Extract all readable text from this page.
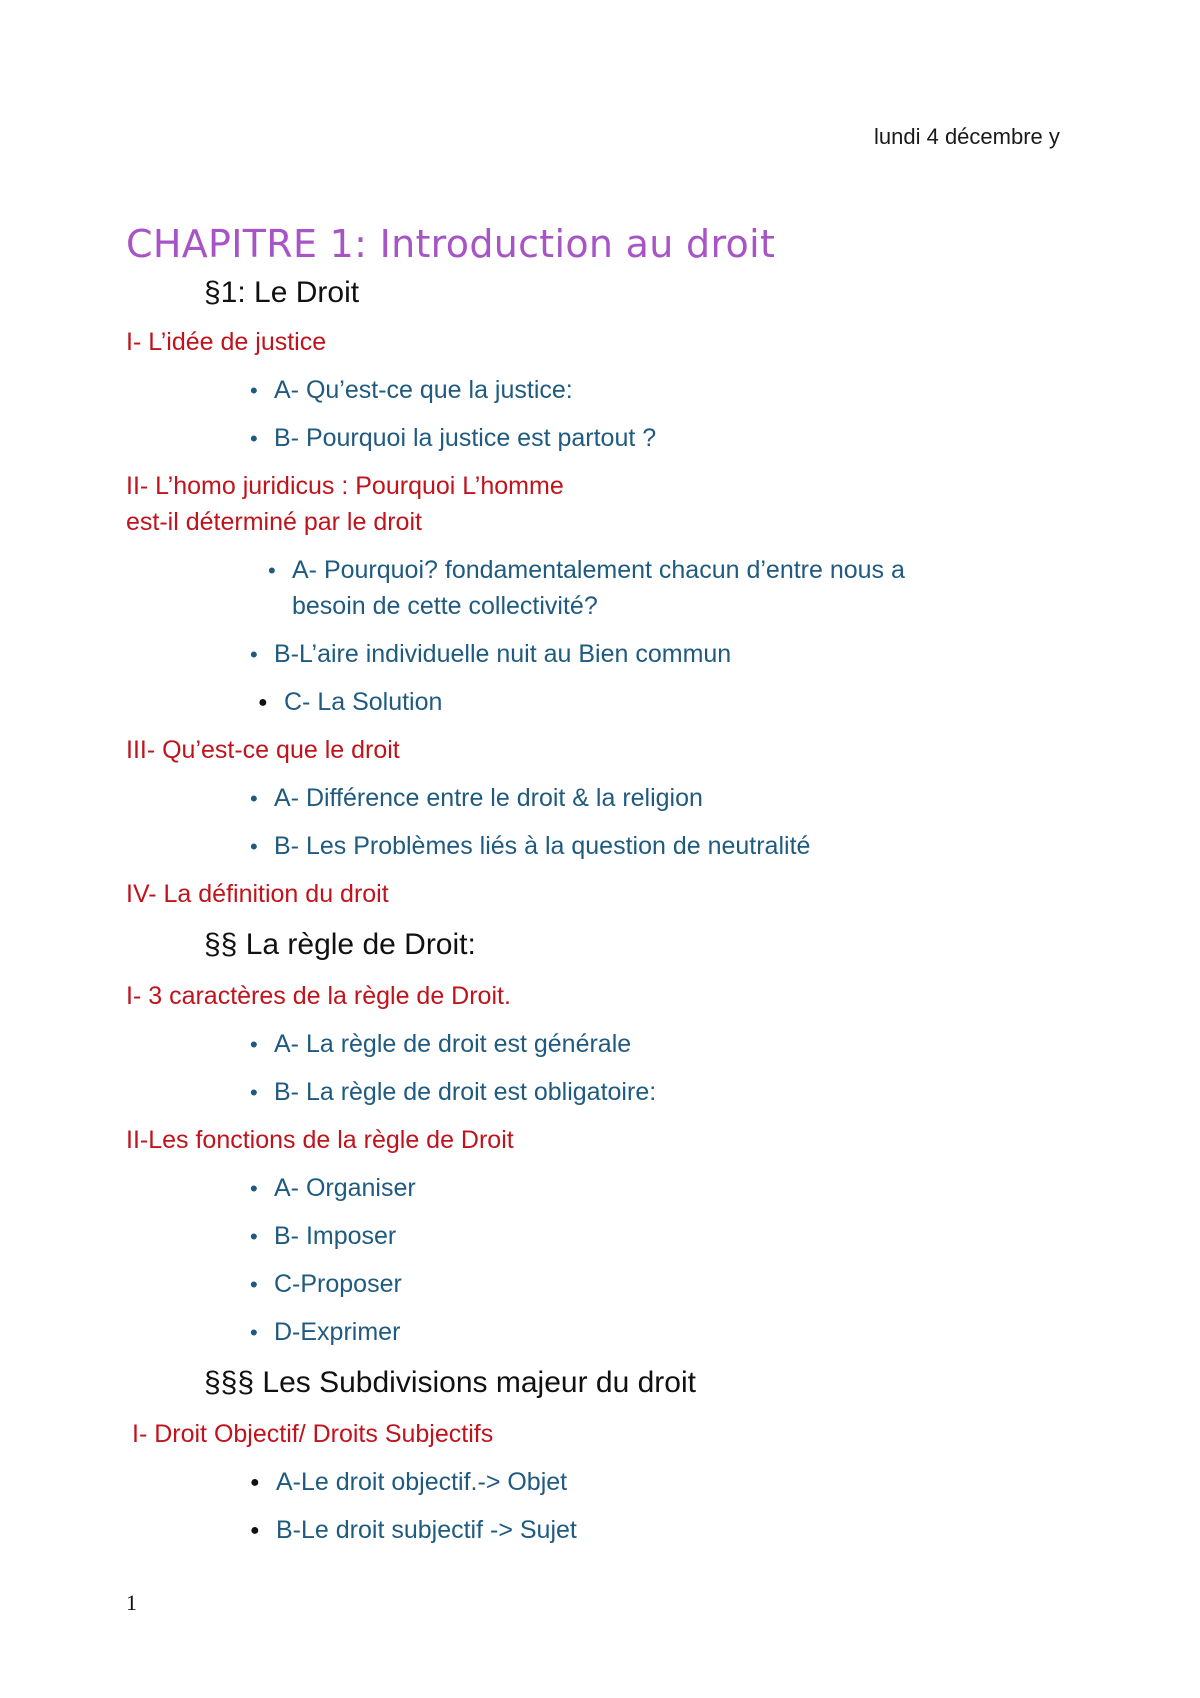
lundi 4 décembre y
CHAPITRE 1: Introduction au droit
§1: Le Droit
I- L’idée de justice
• A- Qu’est-ce que la justice:
• B- Pourquoi la justice est partout ?
II- L’homo juridicus : Pourquoi L’homme
est-il déterminé par le droit
• A- Pourquoi? fondamentalement chacun d’entre nous a
besoin de cette collectivité?
• B-L’aire individuelle nuit au Bien commun
● C- La Solution
III- Qu’est-ce que le droit
• A- Différence entre le droit & la religion
• B- Les Problèmes liés à la question de neutralité
IV- La définition du droit
§§ La règle de Droit:
I- 3 caractères de la règle de Droit.
• A- La règle de droit est générale
• B- La règle de droit est obligatoire:
II-Les fonctions de la règle de Droit
• A- Organiser
• B- Imposer
• C-Proposer
• D-Exprimer
§§§ Les Subdivisions majeur du droit
I- Droit Objectif/ Droits Subjectifs
● A-Le droit objectif.-> Objet
● B-Le droit subjectif -> Sujet
1
